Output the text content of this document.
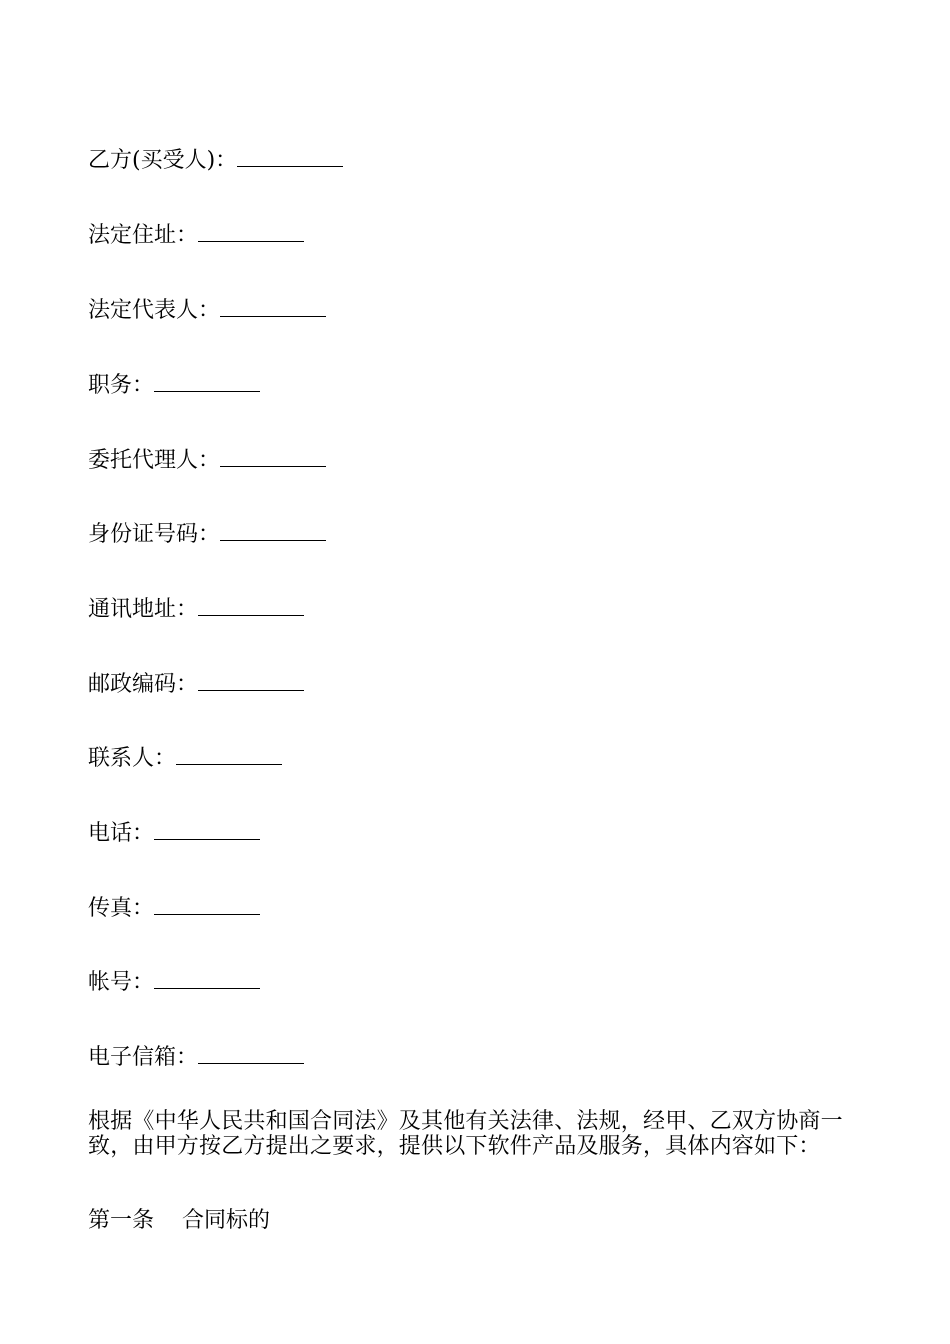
乙方(买受人)：
法定住址：
法定代表人：
职务：
委托代理人：
身份证号码：
通讯地址：
邮政编码：
联系人：
电话：
传真：
帐号：
电子信箱：
根据《中华人民共和国合同法》及其他有关法律、法规，经甲、乙双方协商一致，由甲方按乙方提出之要求，提供以下软件产品及服务，具体内容如下：
第一条 合同标的
